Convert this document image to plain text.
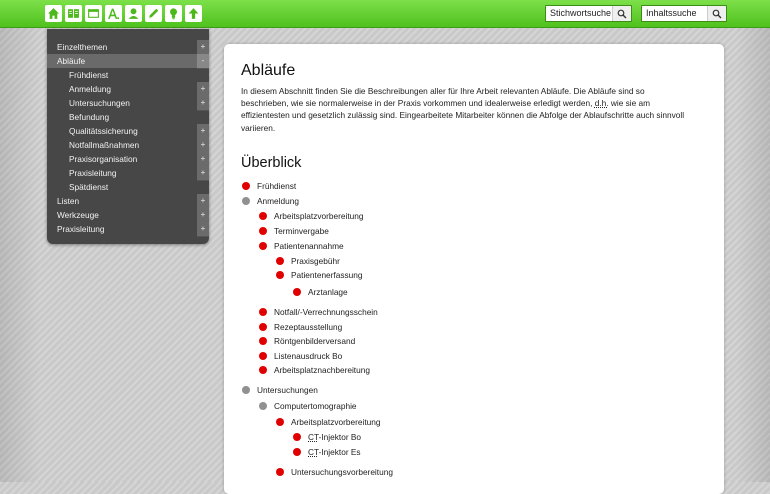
Stichwortsuche	Inhaltssuche
Einzelthemen	+
Abläufe	-
Frühdienst
Anmeldung	+
Untersuchungen	+
Befundung
Qualitätssicherung	+
Notfallmaßnahmen	+
Praxisorganisation	+
Praxisleitung	+
Spätdienst
Listen	+
Werkzeuge	+
Praxisleitung	+
Abläufe
In diesem Abschnitt finden Sie die Beschreibungen aller für Ihre Arbeit relevanten Abläufe. Die Abläufe sind so
beschrieben, wie sie normalerweise in der Praxis vorkommen und idealerweise erledigt werden, d.h. wie sie am
effizientesten und gesetzlich zulässig sind. Eingearbeitete Mitarbeiter können die Abfolge der Ablaufschritte auch sinnvoll
variieren.
Überblick
Frühdienst
Anmeldung
Arbeitsplatzvorbereitung
Terminvergabe
Patientenannahme
Praxisgebühr
Patientenerfassung
Arztanlage
Notfall/-Verrechnungsschein
Rezeptausstellung
Röntgenbilderversand
Listenausdruck Bo
Arbeitsplatznachbereitung
Untersuchungen
Computertomographie
Arbeitsplatzvorbereitung
CT-Injektor Bo
CT-Injektor Es
Untersuchungsvorbereitung
